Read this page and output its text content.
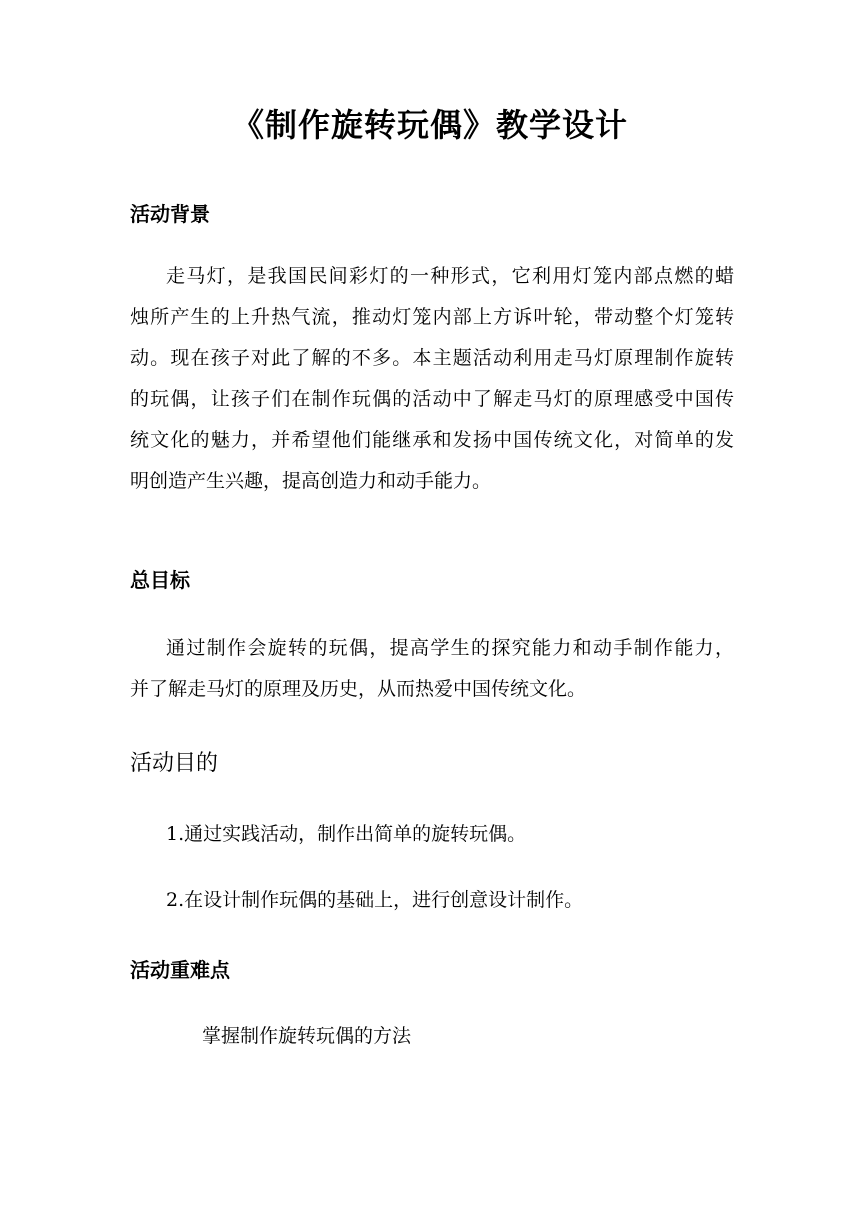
《制作旋转玩偶》教学设计
活动背景
走马灯，是我国民间彩灯的一种形式，它利用灯笼内部点燃的蜡
烛所产生的上升热气流，推动灯笼内部上方诉叶轮，带动整个灯笼转
动。现在孩子对此了解的不多。本主题活动利用走马灯原理制作旋转
的玩偶，让孩子们在制作玩偶的活动中了解走马灯的原理感受中国传
统文化的魅力，并希望他们能继承和发扬中国传统文化，对简单的发
明创造产生兴趣，提高创造力和动手能力。
总目标
通过制作会旋转的玩偶，提高学生的探究能力和动手制作能力，
并了解走马灯的原理及历史，从而热爱中国传统文化。
活动目的
1.通过实践活动，制作出简单的旋转玩偶。
2.在设计制作玩偶的基础上，进行创意设计制作。
活动重难点
掌握制作旋转玩偶的方法
